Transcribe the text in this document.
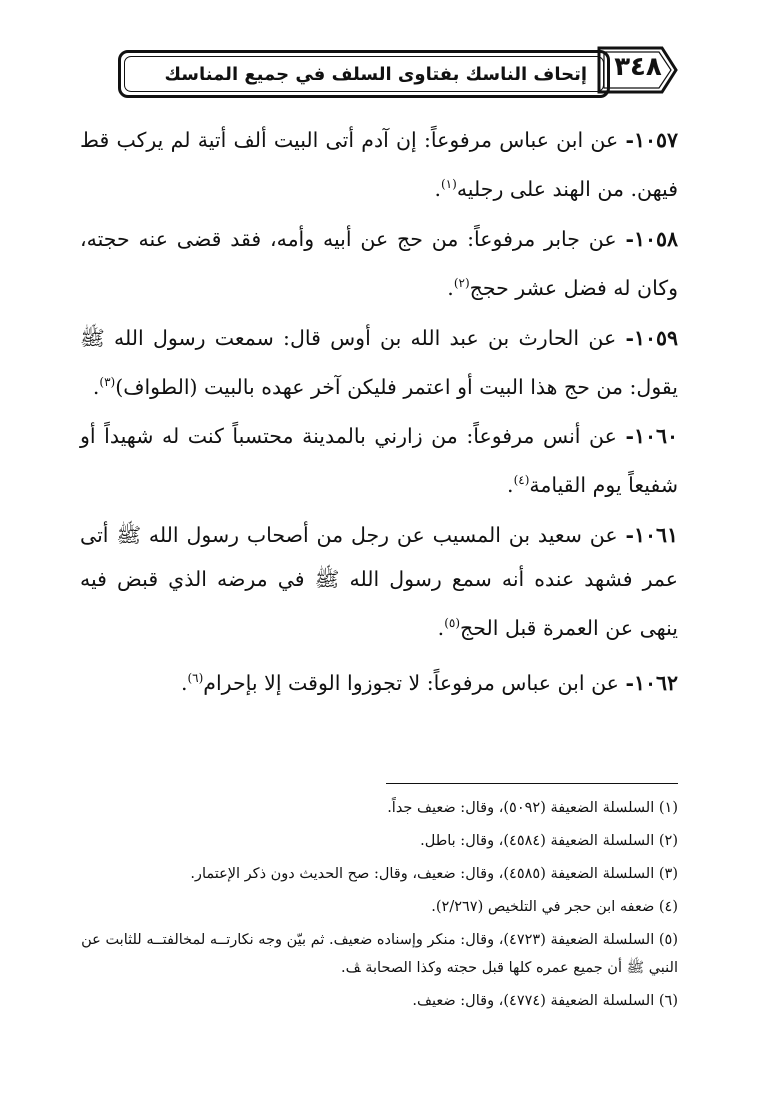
٣٤٨
إتحاف الناسك بفتاوى السلف في جميع المناسك

١٠٥٧- عن ابن عباس مرفوعاً: إن آدم أتى البيت ألف أتية لم يركب قط فيهن. من الهند على رجليه$^{(١)}$.

١٠٥٨- عن جابر مرفوعاً: من حج عن أبيه وأمه، فقد قضى عنه حجته، وكان له فضل عشر حجج$^{(٢)}$.

١٠٥٩- عن الحارث بن عبد الله بن أوس قال: سمعت رسول الله ﷺ يقول: من حج هذا البيت أو اعتمر فليكن آخر عهده بالبيت (الطواف)$^{(٣)}$.

١٠٦٠- عن أنس مرفوعاً: من زارني بالمدينة محتسباً كنت له شهيداً أو شفيعاً يوم القيامة$^{(٤)}$.

١٠٦١- عن سعيد بن المسيب عن رجل من أصحاب رسول الله ﷺ أتى عمر فشهد عنده أنه سمع رسول الله ﷺ في مرضه الذي قبض فيه ينهى عن العمرة قبل الحج$^{(٥)}$.

١٠٦٢- عن ابن عباس مرفوعاً: لا تجوزوا الوقت إلا بإحرام$^{(٦)}$.

(١) السلسلة الضعيفة (٥٠٩٢)، وقال: ضعيف جداً.

(٢) السلسلة الضعيفة (٤٥٨٤)، وقال: باطل.

(٣) السلسلة الضعيفة (٤٥٨٥)، وقال: ضعيف، وقال: صح الحديث دون ذكر الإعتمار.

(٤) ضعفه ابن حجر في التلخيص (٢/٢٦٧).

(٥) السلسلة الضعيفة (٤٧٢٣)، وقال: منكر وإسناده ضعيف. ثم بيّن وجه نكارتــه لمخالفتــه للثابت عن النبي ﷺ أن جميع عمره كلها قبل حجته وكذا الصحابة ﭫ.

(٦) السلسلة الضعيفة (٤٧٧٤)، وقال: ضعيف.
